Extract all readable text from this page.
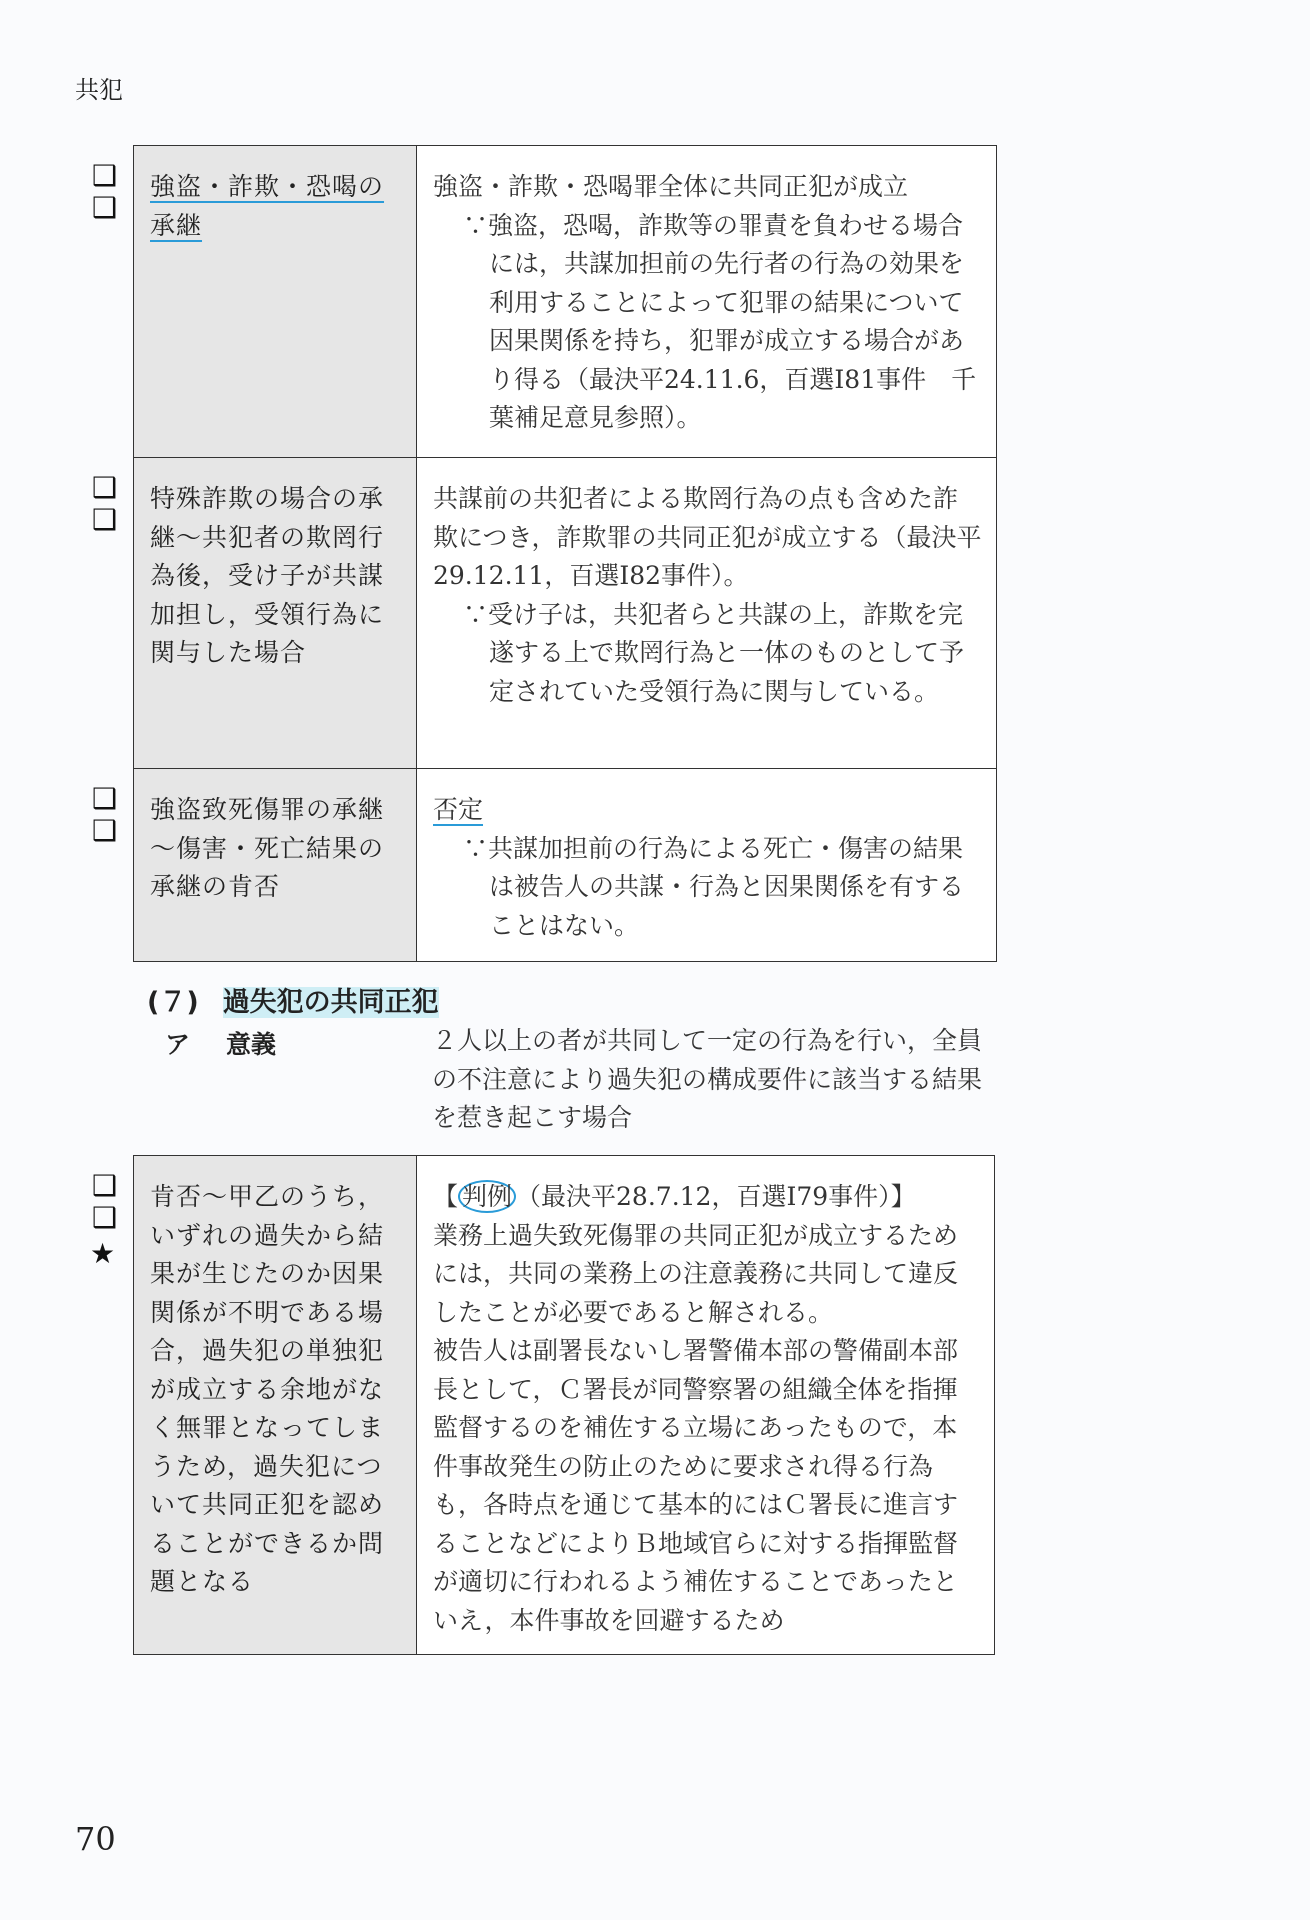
共犯
❑
❑
❑
❑
❑
❑
強盗・詐欺・恐喝の承継
強盗・詐欺・恐喝罪全体に共同正犯が成立
∵強盗，恐喝，詐欺等の罪責を負わせる場合には，共謀加担前の先行者の行為の効果を利用することによって犯罪の結果について因果関係を持ち，犯罪が成立する場合があり得る（最決平24.11.6，百選Ⅰ81事件　千葉補足意見参照）。
特殊詐欺の場合の承継～共犯者の欺罔行為後，受け子が共謀加担し，受領行為に関与した場合
共謀前の共犯者による欺罔行為の点も含めた詐欺につき，詐欺罪の共同正犯が成立する（最決平29.12.11，百選Ⅰ82事件）。
∵受け子は，共犯者らと共謀の上，詐欺を完遂する上で欺罔行為と一体のものとして予定されていた受領行為に関与している。
強盗致死傷罪の承継～傷害・死亡結果の承継の肯否
否定
∵共謀加担前の行為による死亡・傷害の結果は被告人の共謀・行為と因果関係を有することはない。
(７) 過失犯の共同正犯
ア 意義	２人以上の者が共同して一定の行為を行い，全員の不注意により過失犯の構成要件に該当する結果を惹き起こす場合
❑
❑
★
肯否～甲乙のうち，いずれの過失から結果が生じたのか因果関係が不明である場合，過失犯の単独犯が成立する余地がなく無罪となってしまうため，過失犯について共同正犯を認めることができるか問題となる
【 判例 （最決平28.7.12，百選Ⅰ79事件）】
業務上過失致死傷罪の共同正犯が成立するためには，共同の業務上の注意義務に共同して違反したことが必要であると解される。
被告人は副署長ないし署警備本部の警備副本部長として，Ｃ署長が同警察署の組織全体を指揮監督するのを補佐する立場にあったもので，本件事故発生の防止のために要求され得る行為も，各時点を通じて基本的にはＣ署長に進言することなどによりＢ地域官らに対する指揮監督が適切に行われるよう補佐することであったといえ，本件事故を回避するため
70
